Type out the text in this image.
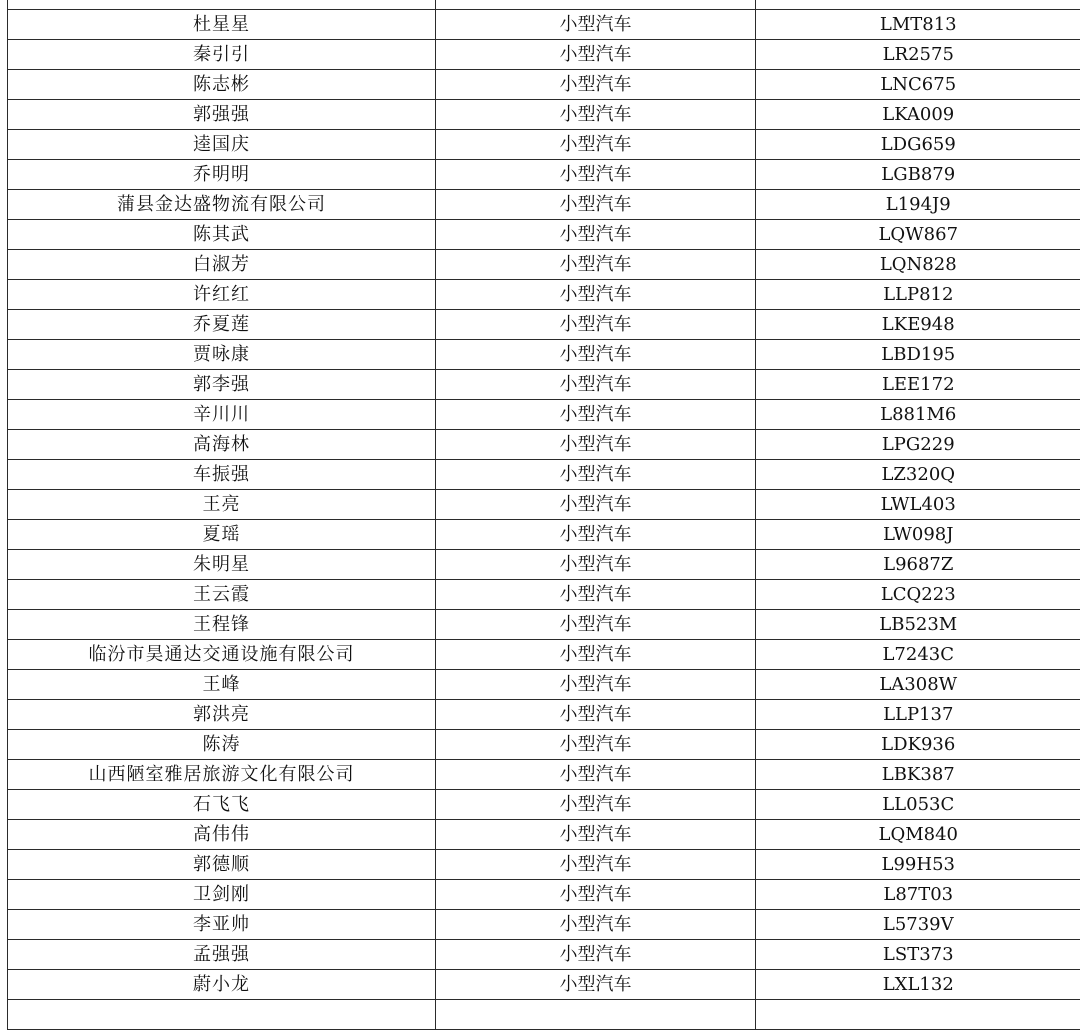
杜星星	小型汽车	LMT813
秦引引	小型汽车	LR2575
陈志彬	小型汽车	LNC675
郭强强	小型汽车	LKA009
逵国庆	小型汽车	LDG659
乔明明	小型汽车	LGB879
蒲县金达盛物流有限公司	小型汽车	L194J9
陈其武	小型汽车	LQW867
白淑芳	小型汽车	LQN828
许红红	小型汽车	LLP812
乔夏莲	小型汽车	LKE948
贾咏康	小型汽车	LBD195
郭李强	小型汽车	LEE172
辛川川	小型汽车	L881M6
高海林	小型汽车	LPG229
车振强	小型汽车	LZ320Q
王亮	小型汽车	LWL403
夏瑶	小型汽车	LW098J
朱明星	小型汽车	L9687Z
王云霞	小型汽车	LCQ223
王程锋	小型汽车	LB523M
临汾市昊通达交通设施有限公司	小型汽车	L7243C
王峰	小型汽车	LA308W
郭洪亮	小型汽车	LLP137
陈涛	小型汽车	LDK936
山西陋室雅居旅游文化有限公司	小型汽车	LBK387
石飞飞	小型汽车	LL053C
高伟伟	小型汽车	LQM840
郭德顺	小型汽车	L99H53
卫剑刚	小型汽车	L87T03
李亚帅	小型汽车	L5739V
孟强强	小型汽车	LST373
蔚小龙	小型汽车	LXL132
